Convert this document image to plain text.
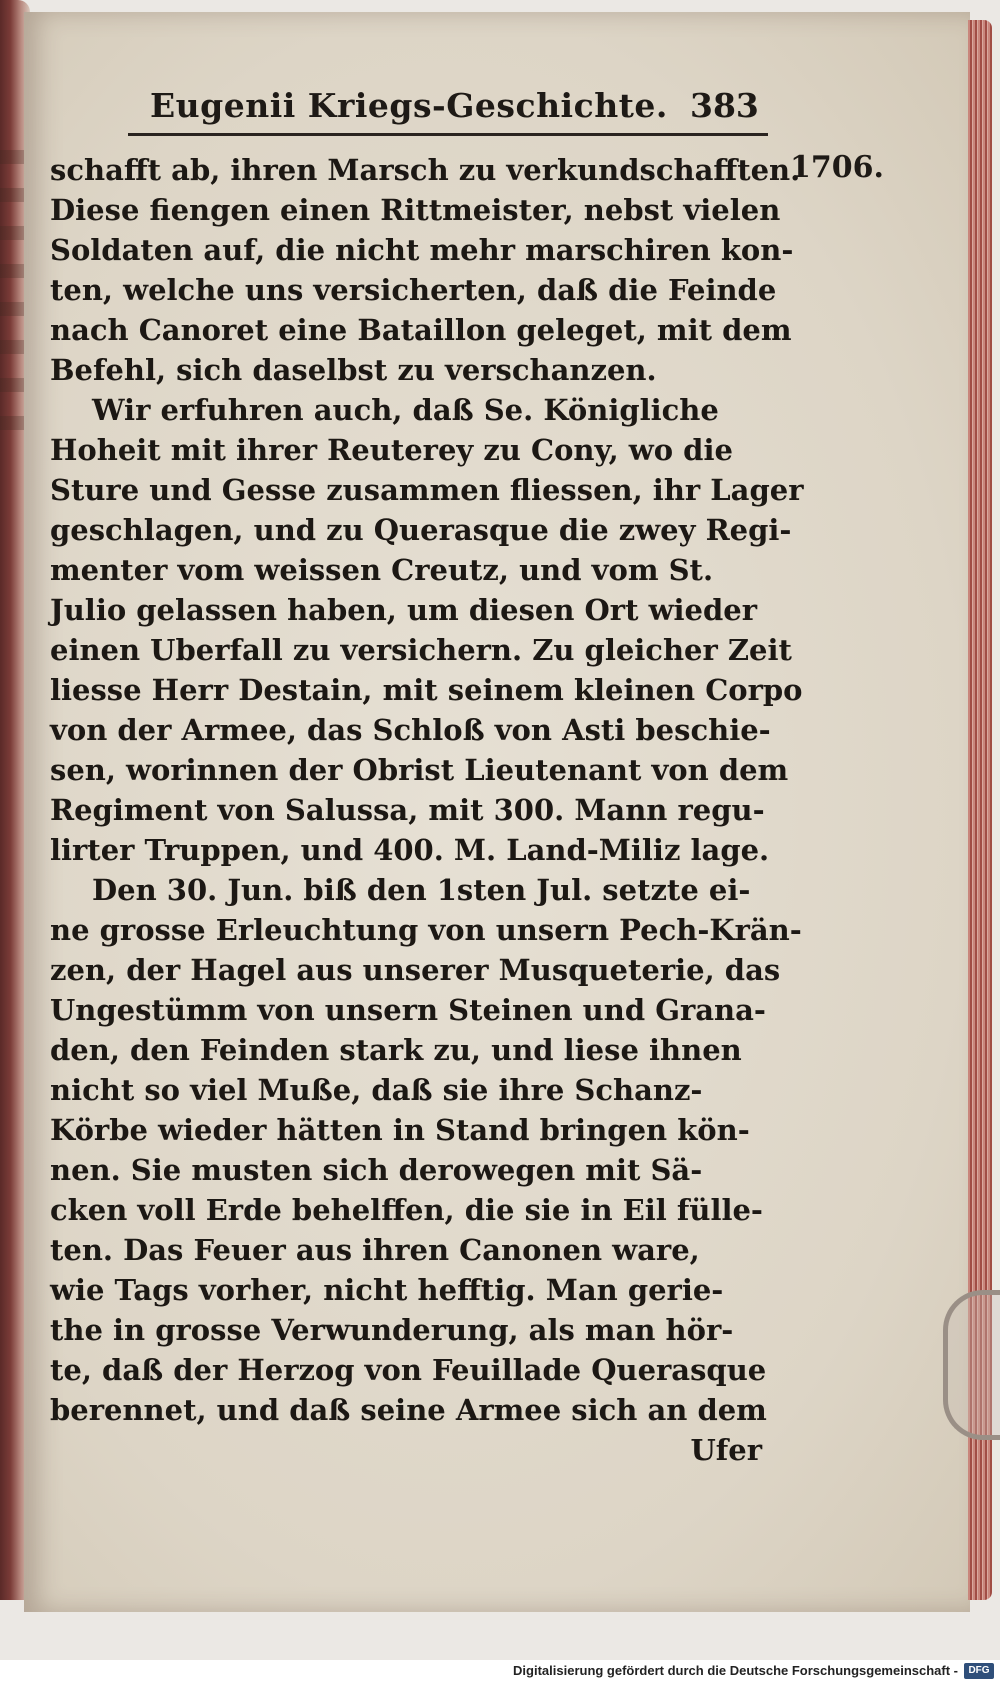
Eugenii Kriegs-Geschichte. 383
1706.
schafft ab, ihren Marsch zu verkundschafften.
Diese fiengen einen Rittmeister, nebst vielen
Soldaten auf, die nicht mehr marschiren kon-
ten, welche uns versicherten, daß die Feinde
nach Canoret eine Bataillon geleget, mit dem
Befehl, sich daselbst zu verschanzen.
Wir erfuhren auch, daß Se. Königliche
Hoheit mit ihrer Reuterey zu Cony, wo die
Sture und Gesse zusammen fliessen, ihr Lager
geschlagen, und zu Querasque die zwey Regi-
menter vom weissen Creutz, und vom St.
Julio gelassen haben, um diesen Ort wieder
einen Uberfall zu versichern. Zu gleicher Zeit
liesse Herr Destain, mit seinem kleinen Corpo
von der Armee, das Schloß von Asti beschie-
sen, worinnen der Obrist Lieutenant von dem
Regiment von Salussa, mit 300. Mann regu-
lirter Truppen, und 400. M. Land-Miliz lage.
Den 30. Jun. biß den 1sten Jul. setzte ei-
ne grosse Erleuchtung von unsern Pech-Krän-
zen, der Hagel aus unserer Musqueterie, das
Ungestümm von unsern Steinen und Grana-
den, den Feinden stark zu, und liese ihnen
nicht so viel Muße, daß sie ihre Schanz-
Körbe wieder hätten in Stand bringen kön-
nen. Sie musten sich derowegen mit Sä-
cken voll Erde behelffen, die sie in Eil fülle-
ten. Das Feuer aus ihren Canonen ware,
wie Tags vorher, nicht hefftig. Man gerie-
the in grosse Verwunderung, als man hör-
te, daß der Herzog von Feuillade Querasque
berennet, und daß seine Armee sich an dem
Ufer
Digitalisierung gefördert durch die Deutsche Forschungsgemeinschaft -	DFG
